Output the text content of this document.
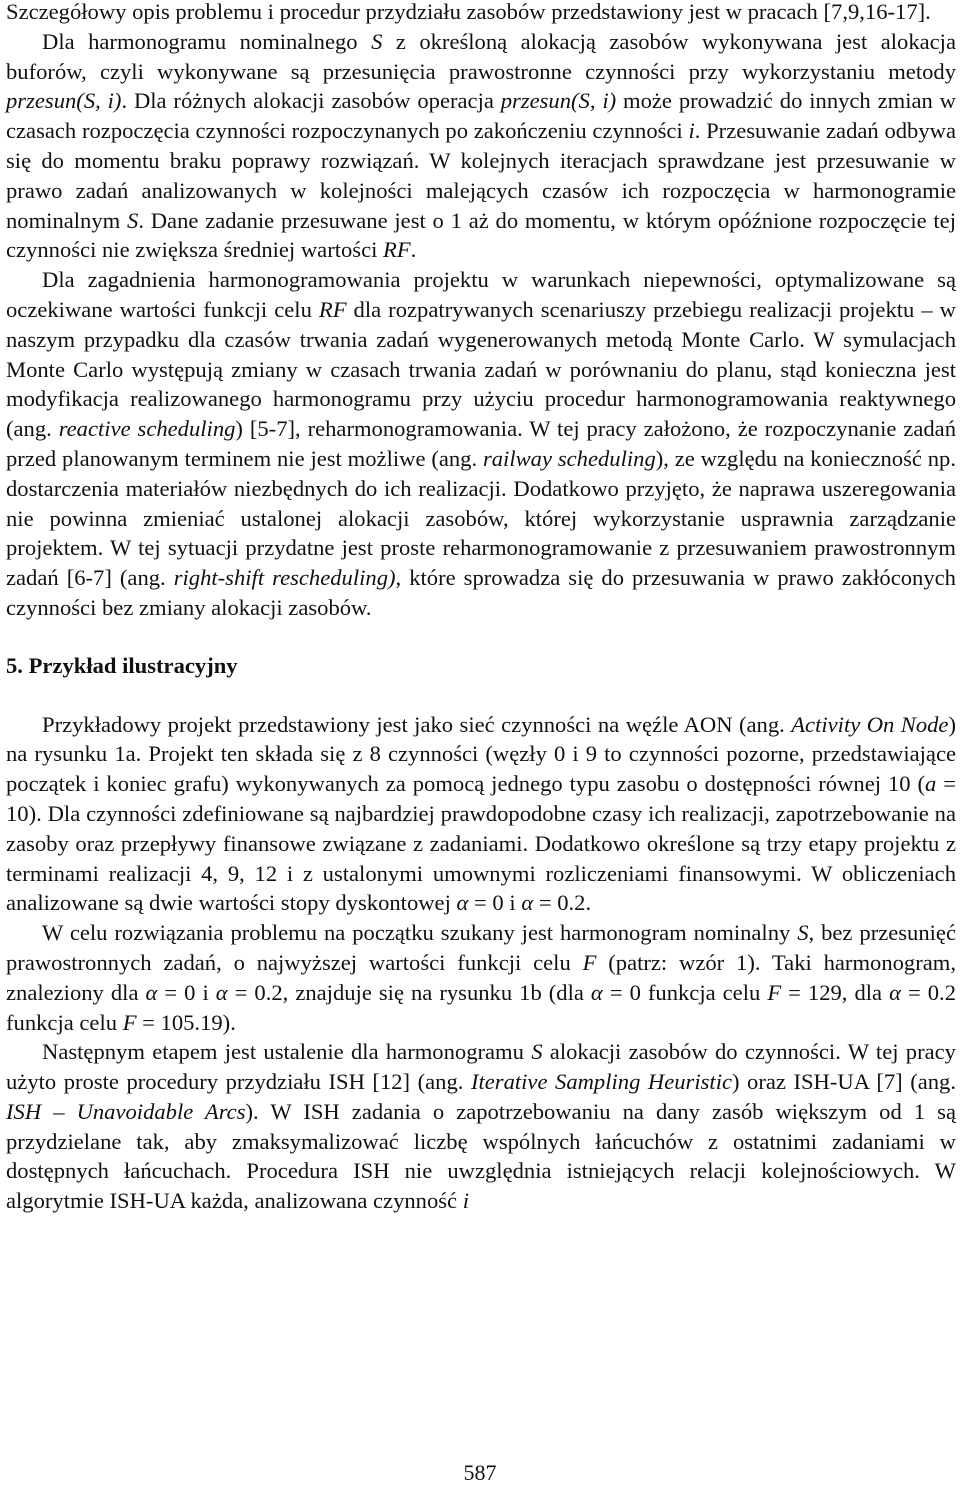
Szczegółowy opis problemu i procedur przydziału zasobów przedstawiony jest w pracach [7,9,16-17].

Dla harmonogramu nominalnego S z określoną alokacją zasobów wykonywana jest alokacja buforów, czyli wykonywane są przesunięcia prawostronne czynności przy wykorzystaniu metody przesun(S, i). Dla różnych alokacji zasobów operacja przesun(S, i) może prowadzić do innych zmian w czasach rozpoczęcia czynności rozpoczynanych po zakończeniu czynności i. Przesuwanie zadań odbywa się do momentu braku poprawy rozwiązań. W kolejnych iteracjach sprawdzane jest przesuwanie w prawo zadań analizowanych w kolejności malejących czasów ich rozpoczęcia w harmonogramie nominalnym S. Dane zadanie przesuwane jest o 1 aż do momentu, w którym opóźnione rozpoczęcie tej czynności nie zwiększa średniej wartości RF.

Dla zagadnienia harmonogramowania projektu w warunkach niepewności, optymalizowane są oczekiwane wartości funkcji celu RF dla rozpatrywanych scenariuszy przebiegu realizacji projektu – w naszym przypadku dla czasów trwania zadań wygenerowanych metodą Monte Carlo. W symulacjach Monte Carlo występują zmiany w czasach trwania zadań w porównaniu do planu, stąd konieczna jest modyfikacja realizowanego harmonogramu przy użyciu procedur harmonogramowania reaktywnego (ang. reactive scheduling) [5-7], reharmonogramowania. W tej pracy założono, że rozpoczynanie zadań przed planowanym terminem nie jest możliwe (ang. railway scheduling), ze względu na konieczność np. dostarczenia materiałów niezbędnych do ich realizacji. Dodatkowo przyjęto, że naprawa uszeregowania nie powinna zmieniać ustalonej alokacji zasobów, której wykorzystanie usprawnia zarządzanie projektem. W tej sytuacji przydatne jest proste reharmonogramowanie z przesuwaniem prawostronnym zadań [6-7] (ang. right-shift rescheduling), które sprowadza się do przesuwania w prawo zakłóconych czynności bez zmiany alokacji zasobów.

5. Przykład ilustracyjny

Przykładowy projekt przedstawiony jest jako sieć czynności na węźle AON (ang. Activity On Node) na rysunku 1a. Projekt ten składa się z 8 czynności (węzły 0 i 9 to czynności pozorne, przedstawiające początek i koniec grafu) wykonywanych za pomocą jednego typu zasobu o dostępności równej 10 (a = 10). Dla czynności zdefiniowane są najbardziej prawdopodobne czasy ich realizacji, zapotrzebowanie na zasoby oraz przepływy finansowe związane z zadaniami. Dodatkowo określone są trzy etapy projektu z terminami realizacji 4, 9, 12 i z ustalonymi umownymi rozliczeniami finansowymi. W obliczeniach analizowane są dwie wartości stopy dyskontowej α = 0 i α = 0.2.

W celu rozwiązania problemu na początku szukany jest harmonogram nominalny S, bez przesunięć prawostronnych zadań, o najwyższej wartości funkcji celu F (patrz: wzór 1). Taki harmonogram, znaleziony dla α = 0 i α = 0.2, znajduje się na rysunku 1b (dla α = 0 funkcja celu F = 129, dla α = 0.2 funkcja celu F = 105.19).

Następnym etapem jest ustalenie dla harmonogramu S alokacji zasobów do czynności. W tej pracy użyto proste procedury przydziału ISH [12] (ang. Iterative Sampling Heuristic) oraz ISH-UA [7] (ang. ISH – Unavoidable Arcs). W ISH zadania o zapotrzebowaniu na dany zasób większym od 1 są przydzielane tak, aby zmaksymalizować liczbę wspólnych łańcuchów z ostatnimi zadaniami w dostępnych łańcuchach. Procedura ISH nie uwzględnia istniejących relacji kolejnościowych. W algorytmie ISH-UA każda, analizowana czynność i

587
